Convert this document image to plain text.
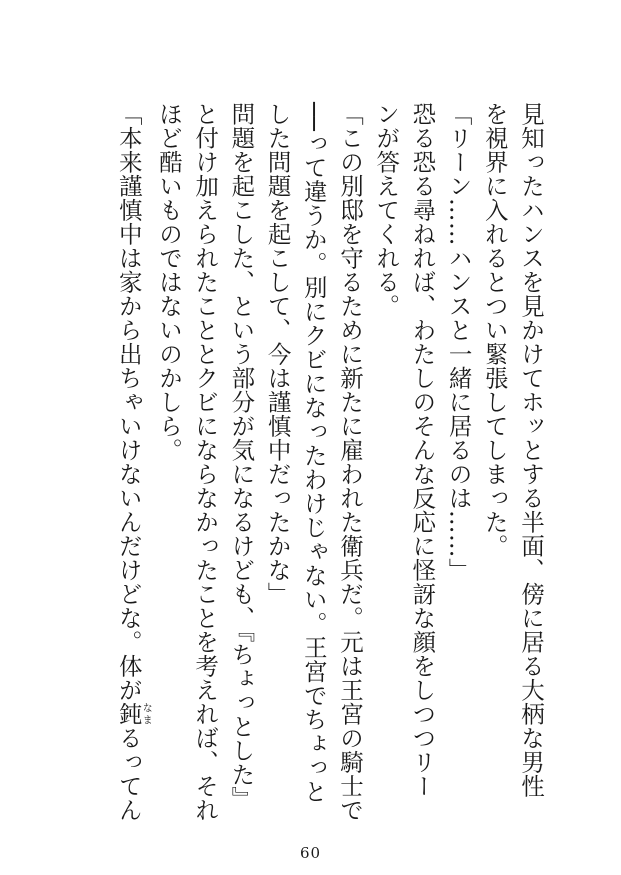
見知ったハンスを見かけてホッとする半面、傍に居る大柄な男性
を視界に入れるとつい緊張してしまった。
「リーン……ハンスと一緒に居るのは……」
恐る恐る尋ねれば、わたしのそんな反応に怪訝な顔をしつつリー
ンが答えてくれる。
「この別邸を守るために新たに雇われた衛兵だ。元は王宮の騎士で
──って違うか。別にクビになったわけじゃない。王宮でちょっと
した問題を起こして、今は謹慎中だったかな」
問題を起こした、という部分が気になるけども、『ちょっとした』
と付け加えられたこととクビにならなかったことを考えれば、それ
ほど酷いものではないのかしら。
「本来謹慎中は家から出ちゃいけないんだけどな。体が鈍なまるってん
60
